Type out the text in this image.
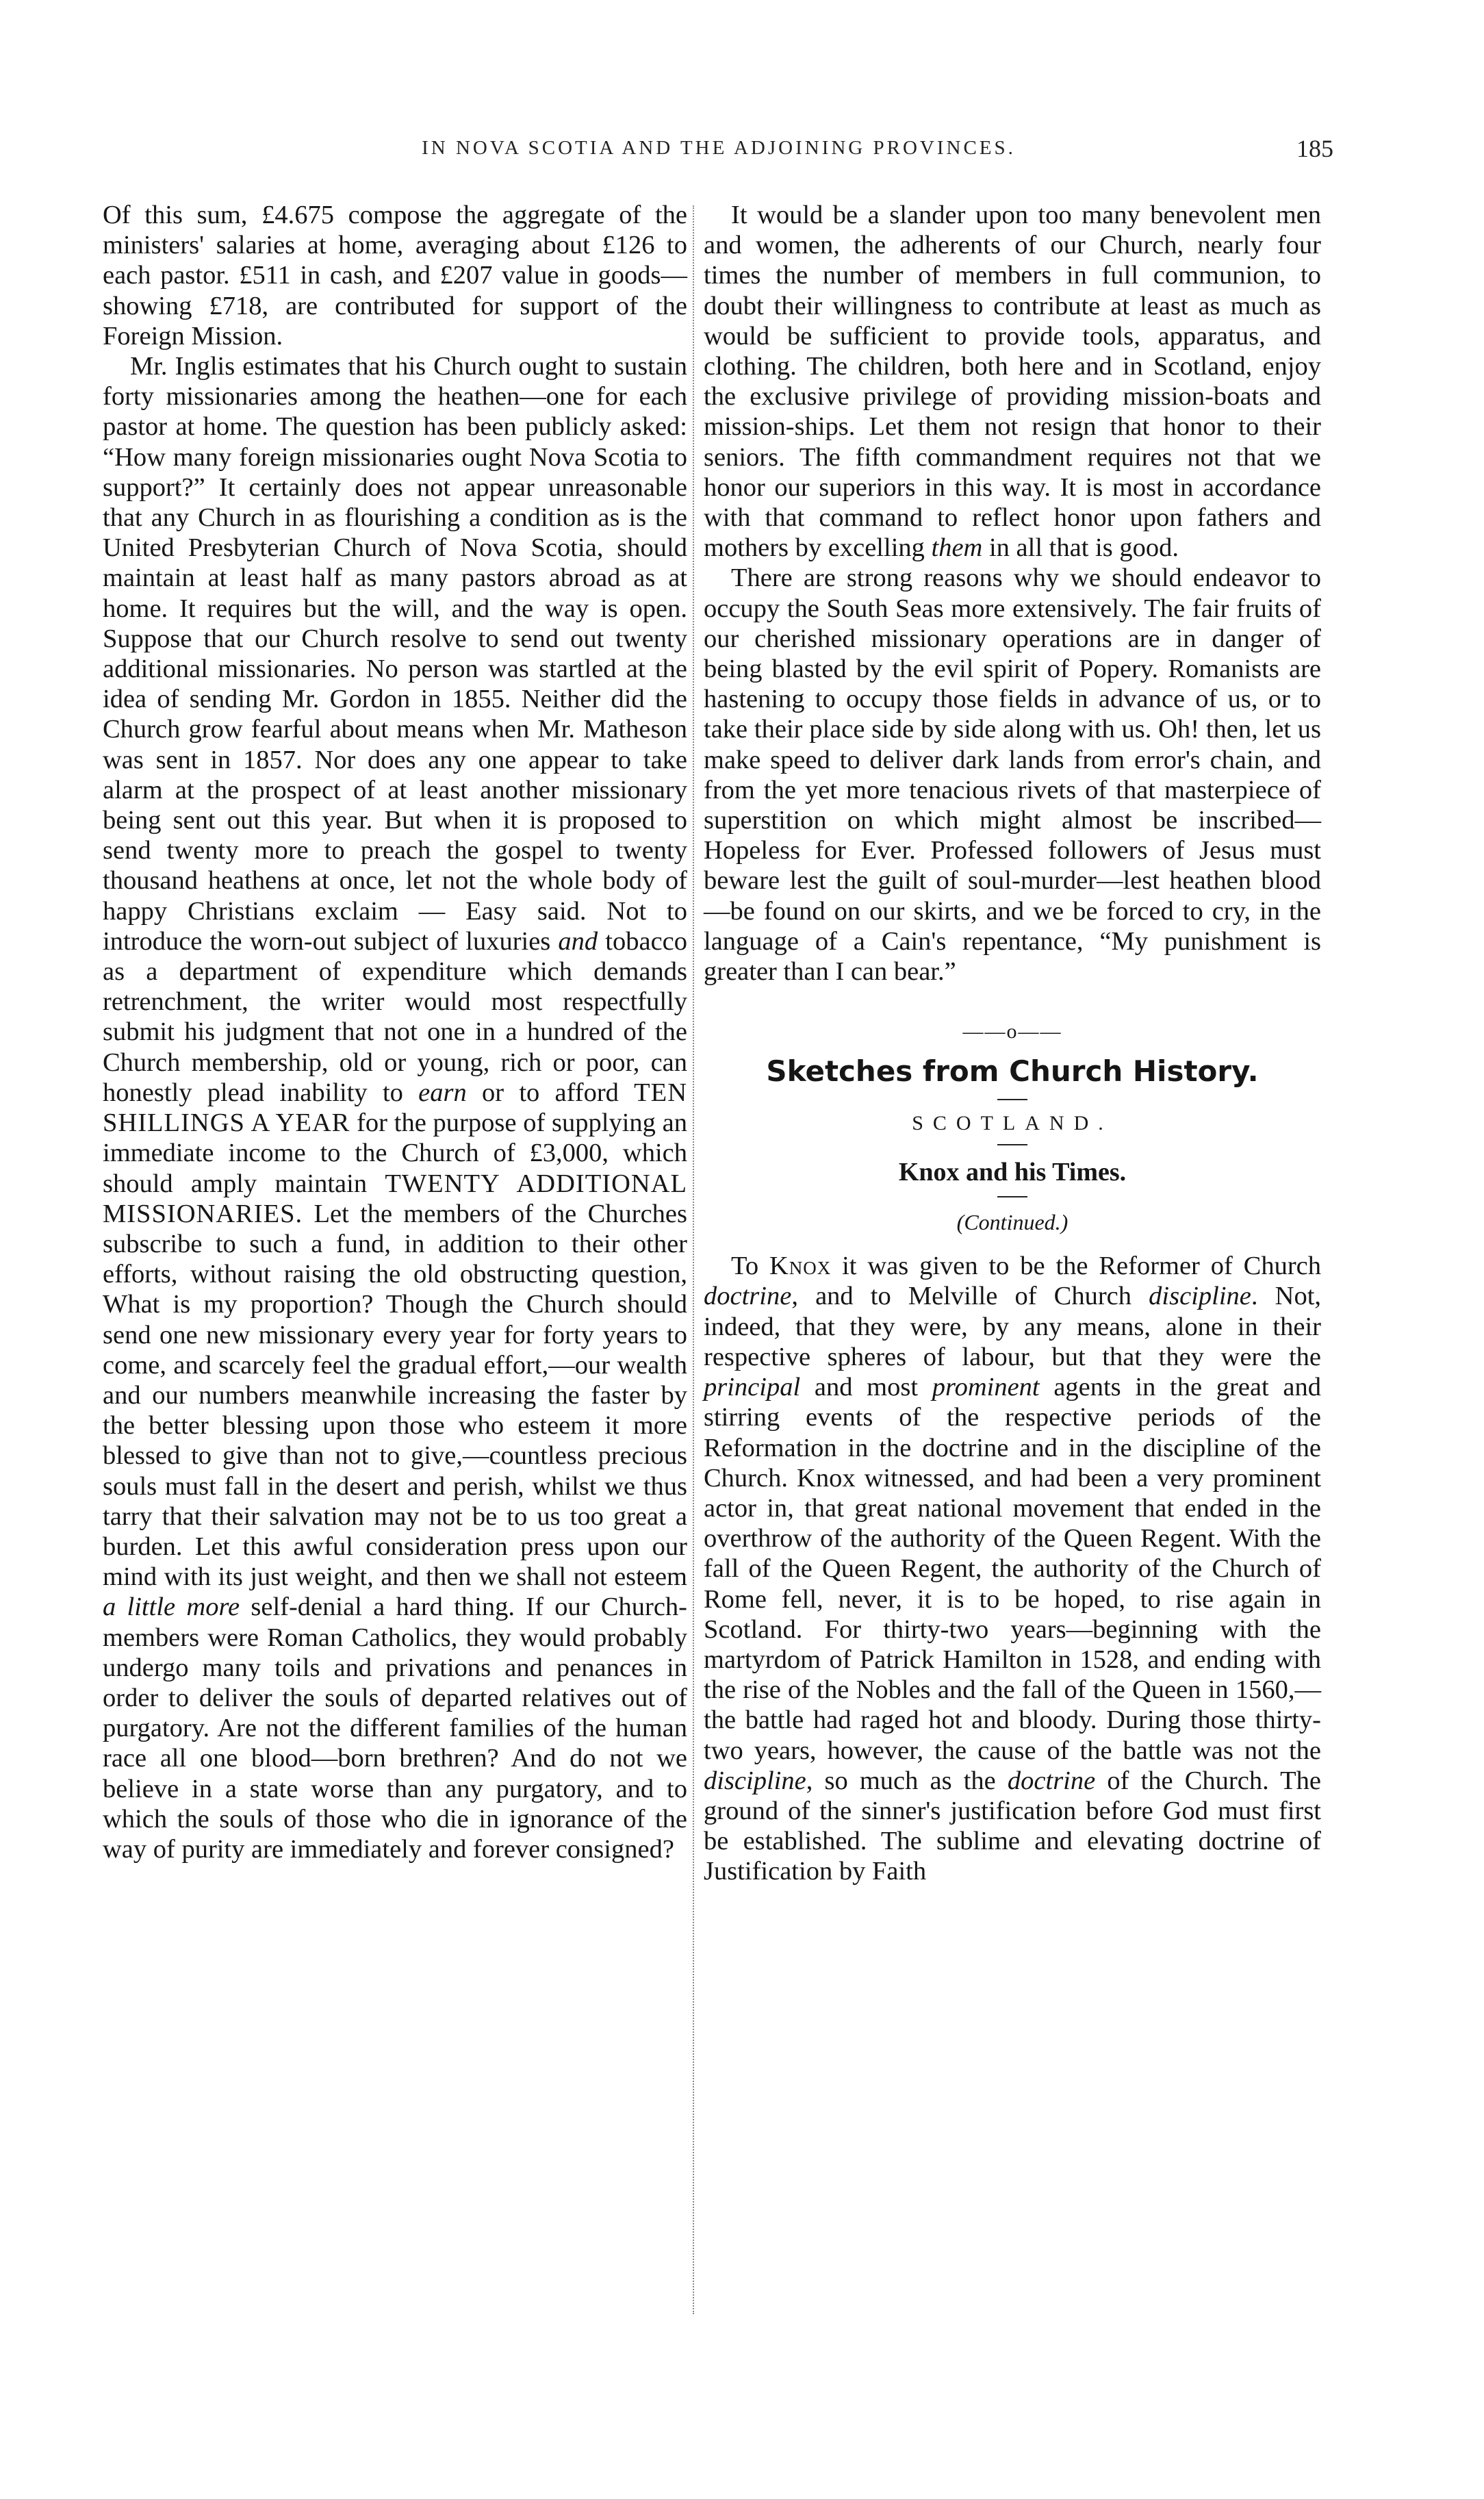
IN NOVA SCOTIA AND THE ADJOINING PROVINCES.	185

Of this sum, £4.675 compose the aggregate of the ministers' salaries at home, averaging about £126 to each pastor. £511 in cash, and £207 value in goods—showing £718, are contributed for support of the Foreign Mission.

Mr. Inglis estimates that his Church ought to sustain forty missionaries among the heathen—one for each pastor at home. The question has been publicly asked: “How many foreign missionaries ought Nova Scotia to support?” It certainly does not appear unreasonable that any Church in as flourishing a condition as is the United Presbyterian Church of Nova Scotia, should maintain at least half as many pastors abroad as at home. It requires but the will, and the way is open. Suppose that our Church resolve to send out twenty additional missionaries. No person was startled at the idea of sending Mr. Gordon in 1855. Neither did the Church grow fearful about means when Mr. Matheson was sent in 1857. Nor does any one appear to take alarm at the prospect of at least another missionary being sent out this year. But when it is proposed to send twenty more to preach the gospel to twenty thousand heathens at once, let not the whole body of happy Christians exclaim — Easy said. Not to introduce the worn-out subject of luxuries and tobacco as a department of expenditure which demands retrenchment, the writer would most respectfully submit his judgment that not one in a hundred of the Church membership, old or young, rich or poor, can honestly plead inability to earn or to afford TEN SHILLINGS A YEAR for the purpose of supplying an immediate income to the Church of £3,000, which should amply maintain TWENTY ADDITIONAL MISSIONARIES. Let the members of the Churches subscribe to such a fund, in addition to their other efforts, without raising the old obstructing question, What is my proportion? Though the Church should send one new missionary every year for forty years to come, and scarcely feel the gradual effort,—our wealth and our numbers meanwhile increasing the faster by the better blessing upon those who esteem it more blessed to give than not to give,—countless precious souls must fall in the desert and perish, whilst we thus tarry that their salvation may not be to us too great a burden. Let this awful consideration press upon our mind with its just weight, and then we shall not esteem a little more self-denial a hard thing. If our Church-members were Roman Catholics, they would probably undergo many toils and privations and penances in order to deliver the souls of departed relatives out of purgatory. Are not the different families of the human race all one blood—born brethren? And do not we believe in a state worse than any purgatory, and to which the souls of those who die in ignorance of the way of purity are immediately and forever consigned?

It would be a slander upon too many benevolent men and women, the adherents of our Church, nearly four times the number of members in full communion, to doubt their willingness to contribute at least as much as would be sufficient to provide tools, apparatus, and clothing. The children, both here and in Scotland, enjoy the exclusive privilege of providing mission-boats and mission-ships. Let them not resign that honor to their seniors. The fifth commandment requires not that we honor our superiors in this way. It is most in accordance with that command to reflect honor upon fathers and mothers by excelling them in all that is good.

There are strong reasons why we should endeavor to occupy the South Seas more extensively. The fair fruits of our cherished missionary operations are in danger of being blasted by the evil spirit of Popery. Romanists are hastening to occupy those fields in advance of us, or to take their place side by side along with us. Oh! then, let us make speed to deliver dark lands from error's chain, and from the yet more tenacious rivets of that masterpiece of superstition on which might almost be inscribed—Hopeless for Ever. Professed followers of Jesus must beware lest the guilt of soul-murder—lest heathen blood—be found on our skirts, and we be forced to cry, in the language of a Cain's repentance, “My punishment is greater than I can bear.”

——o——
Sketches from Church History.
SCOTLAND.
Knox and his Times.
(Continued.)

To Knox it was given to be the Reformer of Church doctrine, and to Melville of Church discipline. Not, indeed, that they were, by any means, alone in their respective spheres of labour, but that they were the principal and most prominent agents in the great and stirring events of the respective periods of the Reformation in the doctrine and in the discipline of the Church. Knox witnessed, and had been a very prominent actor in, that great national movement that ended in the overthrow of the authority of the Queen Regent. With the fall of the Queen Regent, the authority of the Church of Rome fell, never, it is to be hoped, to rise again in Scotland. For thirty-two years—beginning with the martyrdom of Patrick Hamilton in 1528, and ending with the rise of the Nobles and the fall of the Queen in 1560,—the battle had raged hot and bloody. During those thirty-two years, however, the cause of the battle was not the discipline, so much as the doctrine of the Church. The ground of the sinner's justification before God must first be established. The sublime and elevating doctrine of Justification by Faith
